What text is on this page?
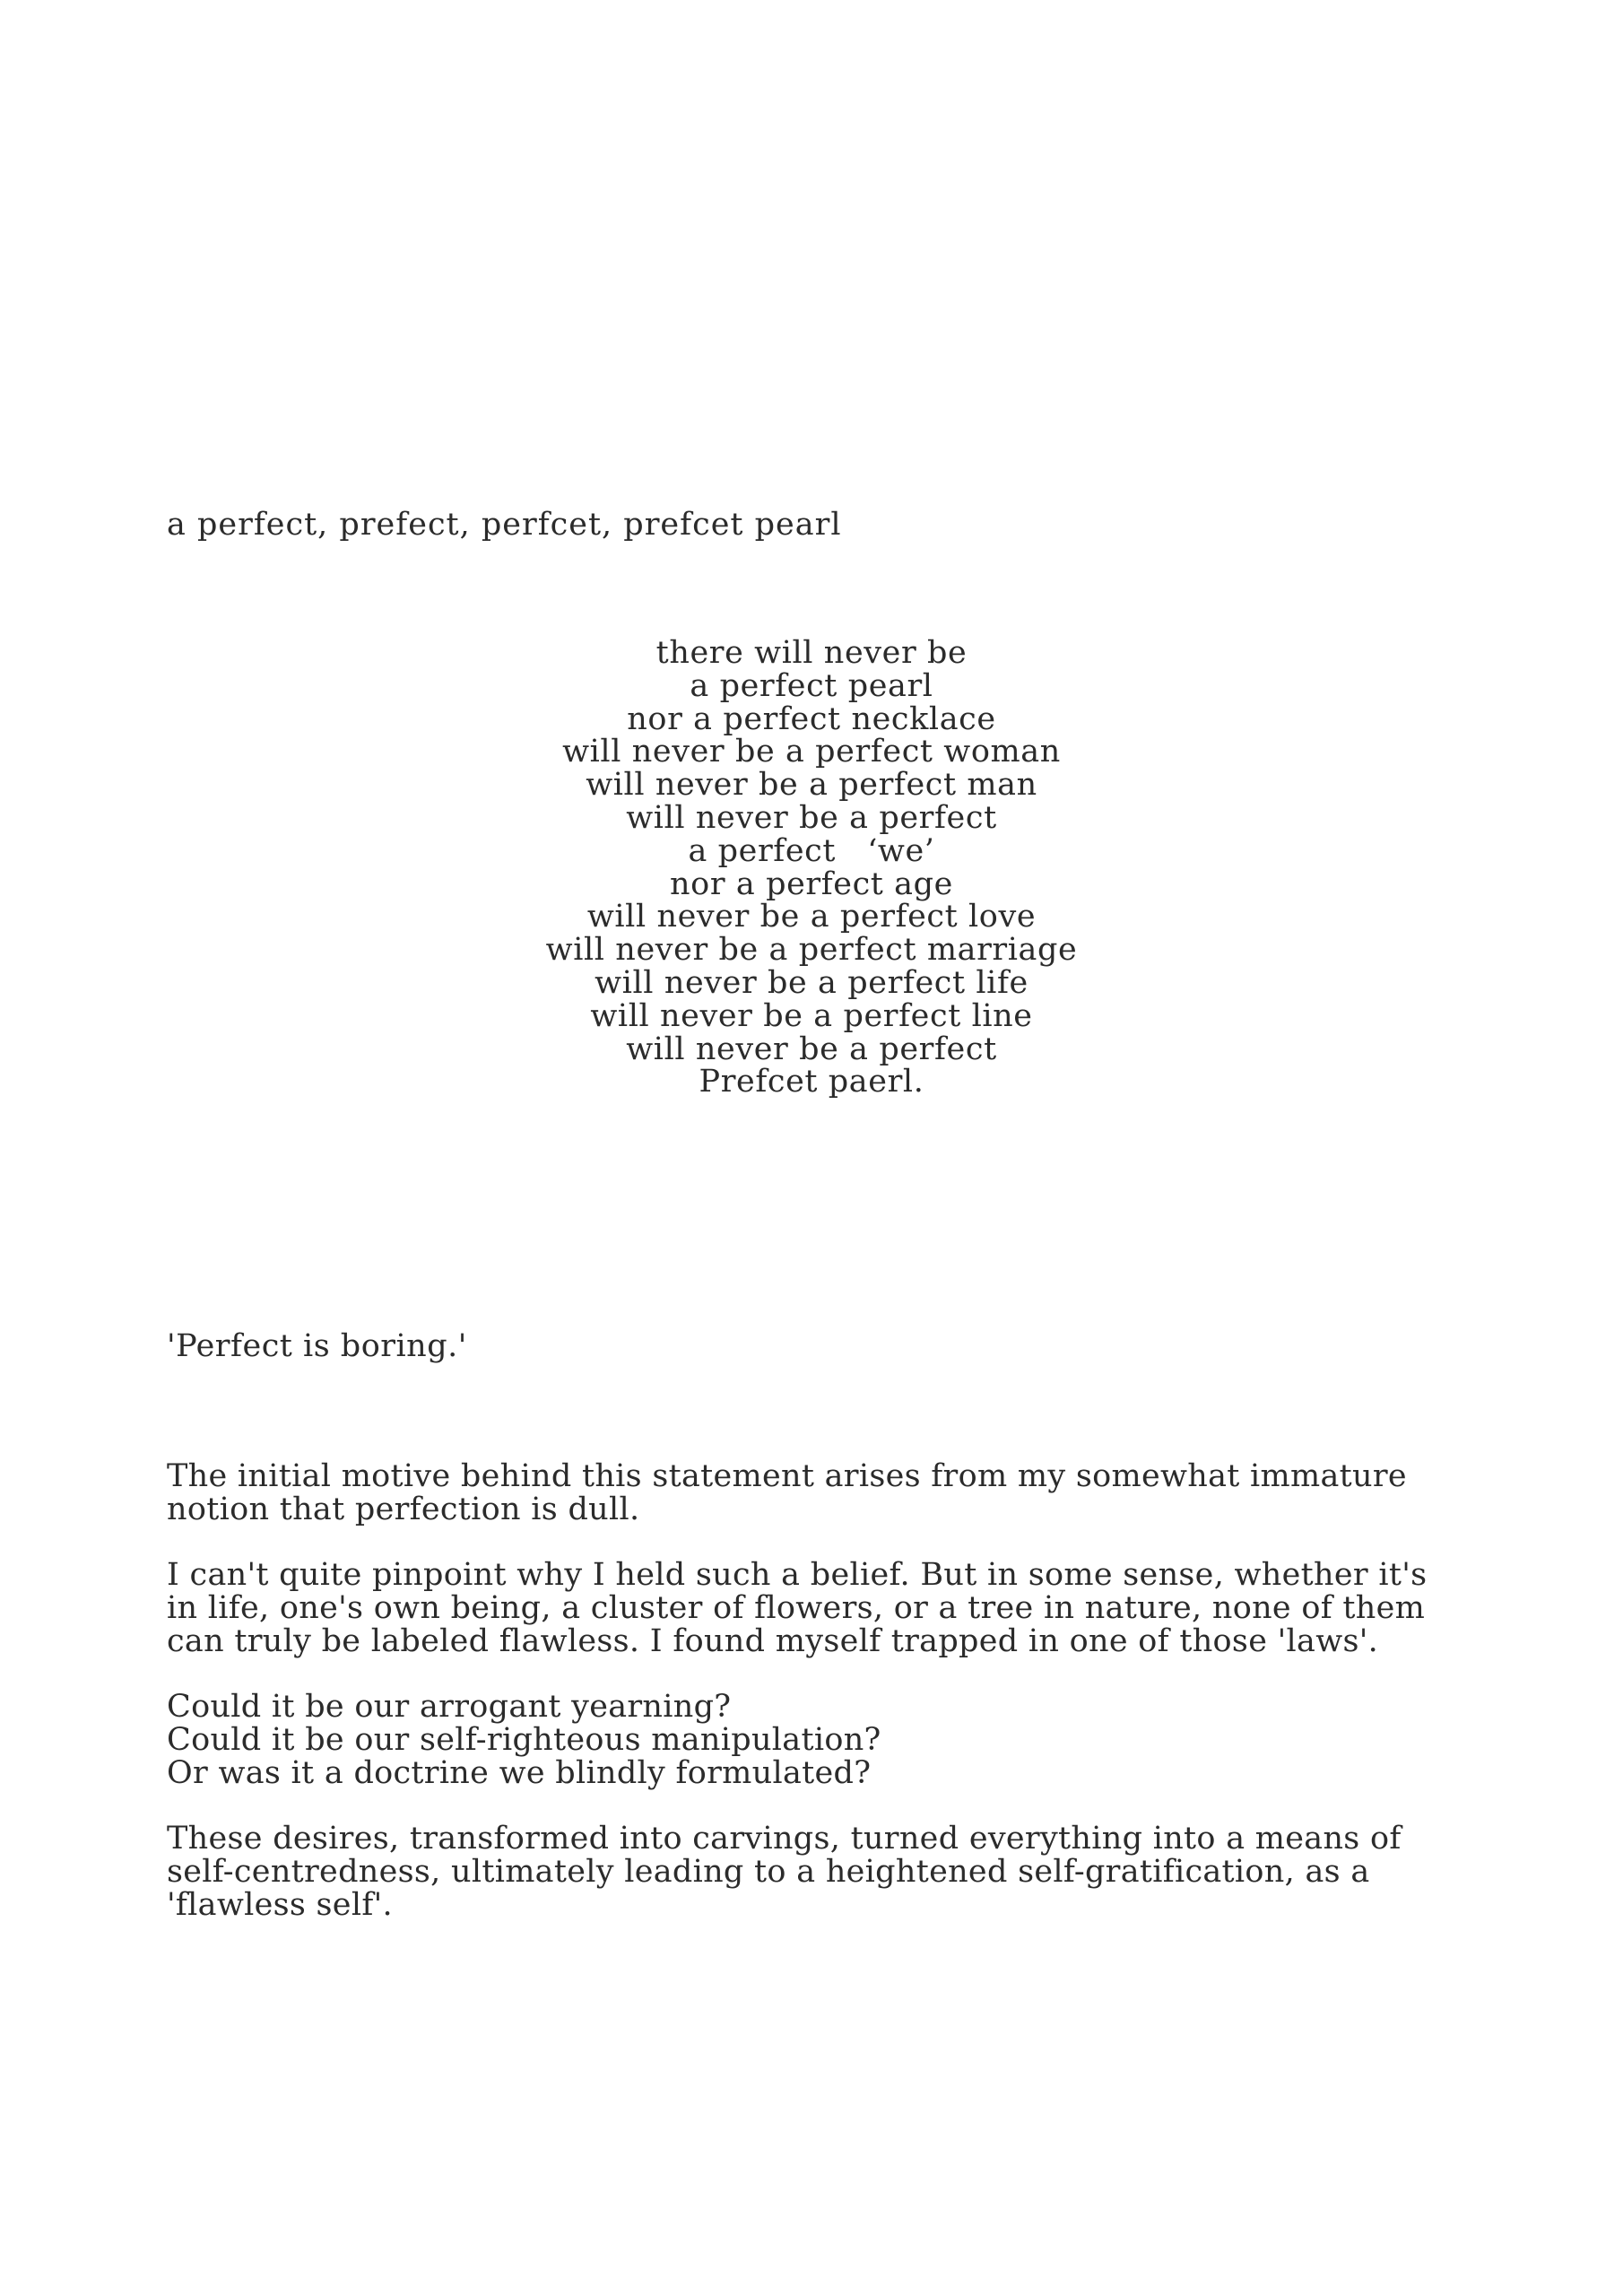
a perfect, prefect, perfcet, prefcet pearl
there will never be
a perfect pearl
nor a perfect necklace
will never be a perfect woman
will never be a perfect man
will never be a perfect
a perfect   ‘we’
nor a perfect age
will never be a perfect love
will never be a perfect marriage
will never be a perfect life
will never be a perfect line
will never be a perfect
Prefcet paerl.
'Perfect is boring.'

The initial motive behind this statement arises from my somewhat immature
notion that perfection is dull.

I can't quite pinpoint why I held such a belief. But in some sense, whether it's
in life, one's own being, a cluster of flowers, or a tree in nature, none of them
can truly be labeled flawless. I found myself trapped in one of those 'laws'.

Could it be our arrogant yearning?
Could it be our self-righteous manipulation?
Or was it a doctrine we blindly formulated?

These desires, transformed into carvings, turned everything into a means of
self-centredness, ultimately leading to a heightened self-gratification, as a
'flawless self'.
